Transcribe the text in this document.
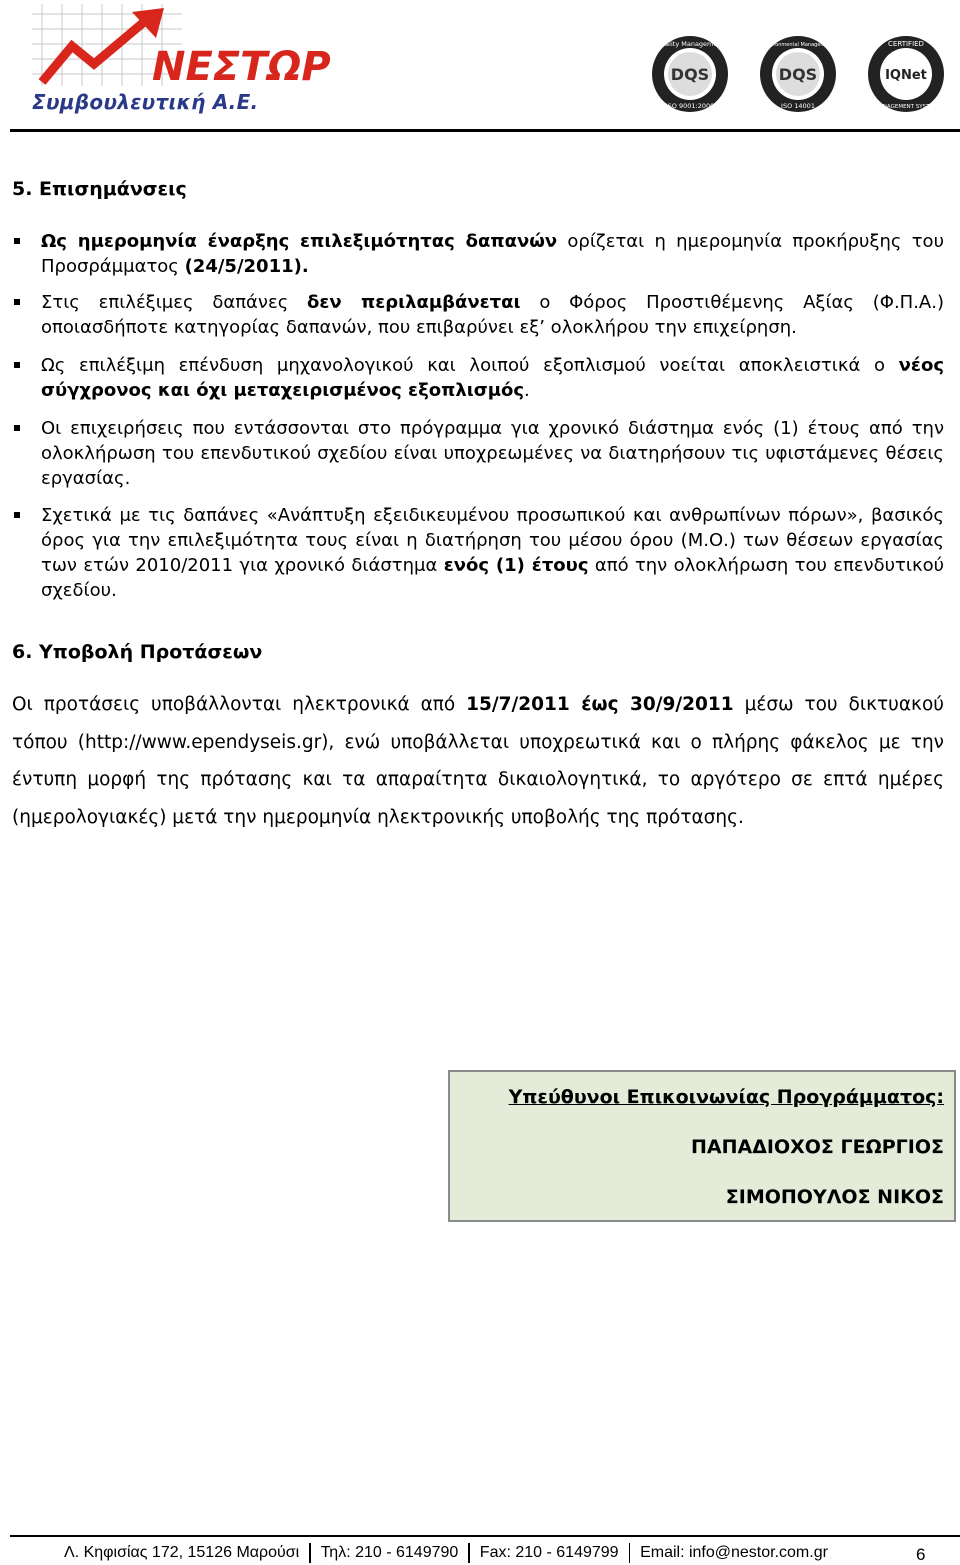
ΝΕΣΤΩΡ
Συμβουλευτική Α.Ε.
DQS
Quality Management
ISO 9001:2000
DQS
Environmental Management
ISO 14001
IQNet
CERTIFIED
MANAGEMENT SYSTEM
5. Επισημάνσεις
Ως ημερομηνία έναρξης επιλεξιμότητας δαπανών ορίζεται η ημερομηνία προκήρυξης του Προσράμματος (24/5/2011).
Στις επιλέξιμες δαπάνες δεν περιλαμβάνεται ο Φόρος Προστιθέμενης Αξίας (Φ.Π.Α.) οποιασδήποτε κατηγορίας δαπανών, που επιβαρύνει εξ’ ολοκλήρου την επιχείρηση.
Ως επιλέξιμη επένδυση μηχανολογικού και λοιπού εξοπλισμού νοείται αποκλειστικά ο νέος σύγχρονος και όχι μεταχειρισμένος εξοπλισμός.
Οι επιχειρήσεις που εντάσσονται στο πρόγραμμα για χρονικό διάστημα ενός (1) έτους από την ολοκλήρωση του επενδυτικού σχεδίου είναι υποχρεωμένες να διατηρήσουν τις υφιστάμενες θέσεις εργασίας.
Σχετικά με τις δαπάνες «Ανάπτυξη εξειδικευμένου προσωπικού και ανθρωπίνων πόρων», βασικός όρος για την επιλεξιμότητα τους είναι η διατήρηση του μέσου όρου (Μ.Ο.) των θέσεων εργασίας των ετών 2010/2011 για χρονικό διάστημα ενός (1) έτους από την ολοκλήρωση του επενδυτικού σχεδίου.
6. Υποβολή Προτάσεων
Οι προτάσεις υποβάλλονται ηλεκτρονικά από 15/7/2011 έως 30/9/2011 μέσω του δικτυακού τόπου (http://www.ependyseis.gr), ενώ υποβάλλεται υποχρεωτικά και ο πλήρης φάκελος με την έντυπη μορφή της πρότασης και τα απαραίτητα δικαιολογητικά, το αργότερο σε επτά ημέρες (ημερολογιακές) μετά την ημερομηνία ηλεκτρονικής υποβολής της πρότασης.
Υπεύθυνοι Επικοινωνίας Προγράμματος:
ΠΑΠΑΔΙΟΧΟΣ ΓΕΩΡΓΙΟΣ
ΣΙΜΟΠΟΥΛΟΣ ΝΙΚΟΣ
Λ. Κηφισίας 172, 15126 Μαρούσι Τηλ: 210 - 6149790 Fax: 210 - 6149799 Email: info@nestor.com.gr	6
